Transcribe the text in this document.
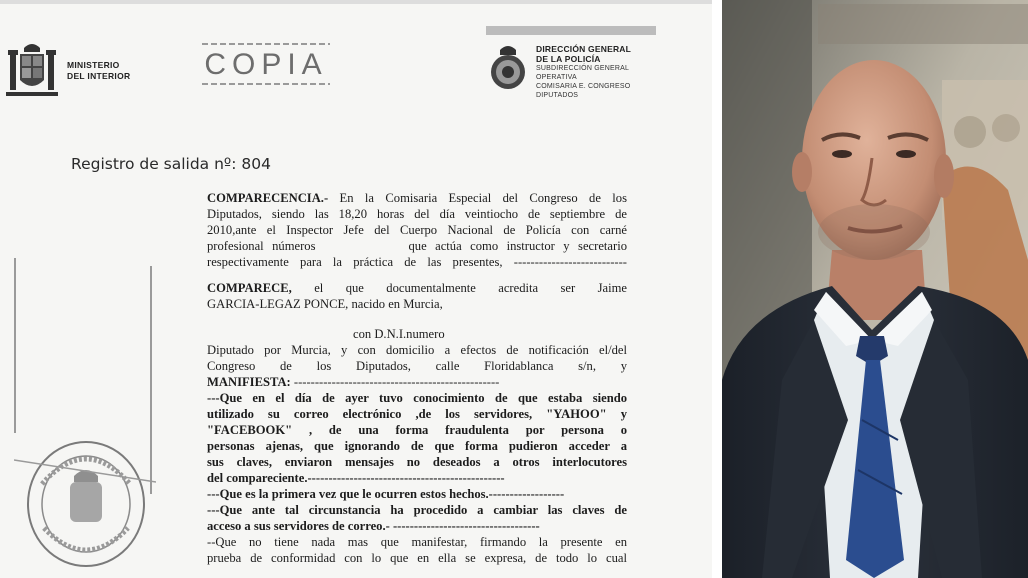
MINISTERIO
DEL INTERIOR COPIA	DIRECCIÓN GENERAL
DE LA POLICÍA
SUBDIRECCIÓN GENERAL
OPERATIVA
COMISARIA E. CONGRESO
DIPUTADOS
Registro de salida nº: 804

COMPARECENCIA.- En la Comisaria Especial del Congreso de los

Diputados, siendo las 18,20 horas del día veintiocho de septiembre de

2010,ante el Inspector Jefe del Cuerpo Nacional de Policía con carné

profesional números           que actúa como instructor y secretario

respectivamente para la práctica de las presentes, ---------------------------

COMPARECE, el que documentalmente acredita ser Jaime

GARCIA-LEGAZ PONCE, nacido en Murcia,

con D.N.I.numero

Diputado por Murcia, y con domicilio a efectos de notificación el/del

Congreso     de     los     Diputados,     calle     Floridablanca     s/n,     y

MANIFIESTA: -------------------------------------------------

---Que en el día de ayer tuvo conocimiento de que estaba siendo

utilizado su correo electrónico ,de los servidores, "YAHOO" y

"FACEBOOK" , de una forma fraudulenta por persona o

personas ajenas, que ignorando de que forma pudieron acceder a

sus claves, enviaron mensajes no deseados a otros interlocutores

del compareciente.-----------------------------------------------

---Que es la primera vez que le ocurren estos hechos.------------------

---Que ante tal circunstancia ha procedido a cambiar las claves de

acceso a sus servidores de correo.- -----------------------------------

--Que no tiene nada mas que manifestar, firmando la presente en

prueba de conformidad con lo que en ella se expresa, de todo lo cual
